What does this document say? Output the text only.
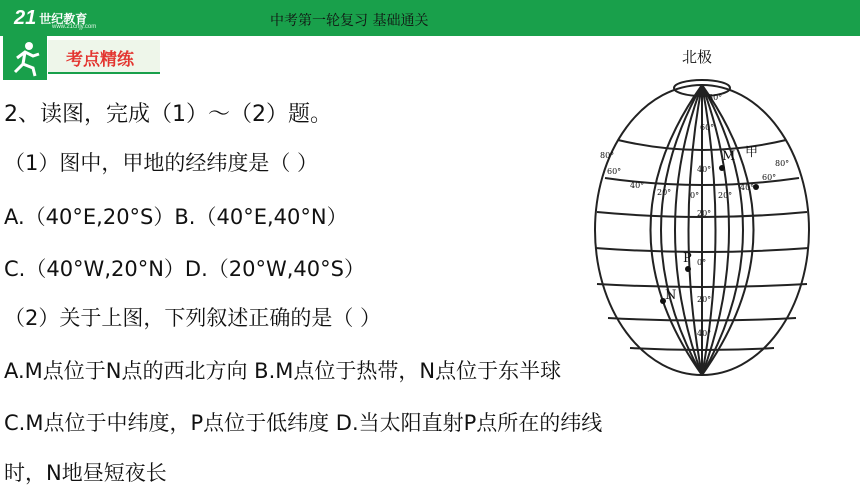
21 世纪教育
www.21cnjy.com	中考第一轮复习 基础通关
考点精练
2、读图，完成（1）～（2）题。
（1）图中，甲地的经纬度是（ ）
A.（40°E,20°S）B.（40°E,40°N）
C.（40°W,20°N）D.（20°W,40°S）
（2）关于上图，下列叙述正确的是（ ）
A.M点位于N点的西北方向 B.M点位于热带，N点位于东半球
C.M点位于中纬度，P点位于低纬度 D.当太阳直射P点所在的纬线
时，N地昼短夜长
北极
甲
M
P
N
80°
60°
40°
20°
0°
20°
40°
80°
60°
40°
20° 0° 20°
40°
60°
80°
